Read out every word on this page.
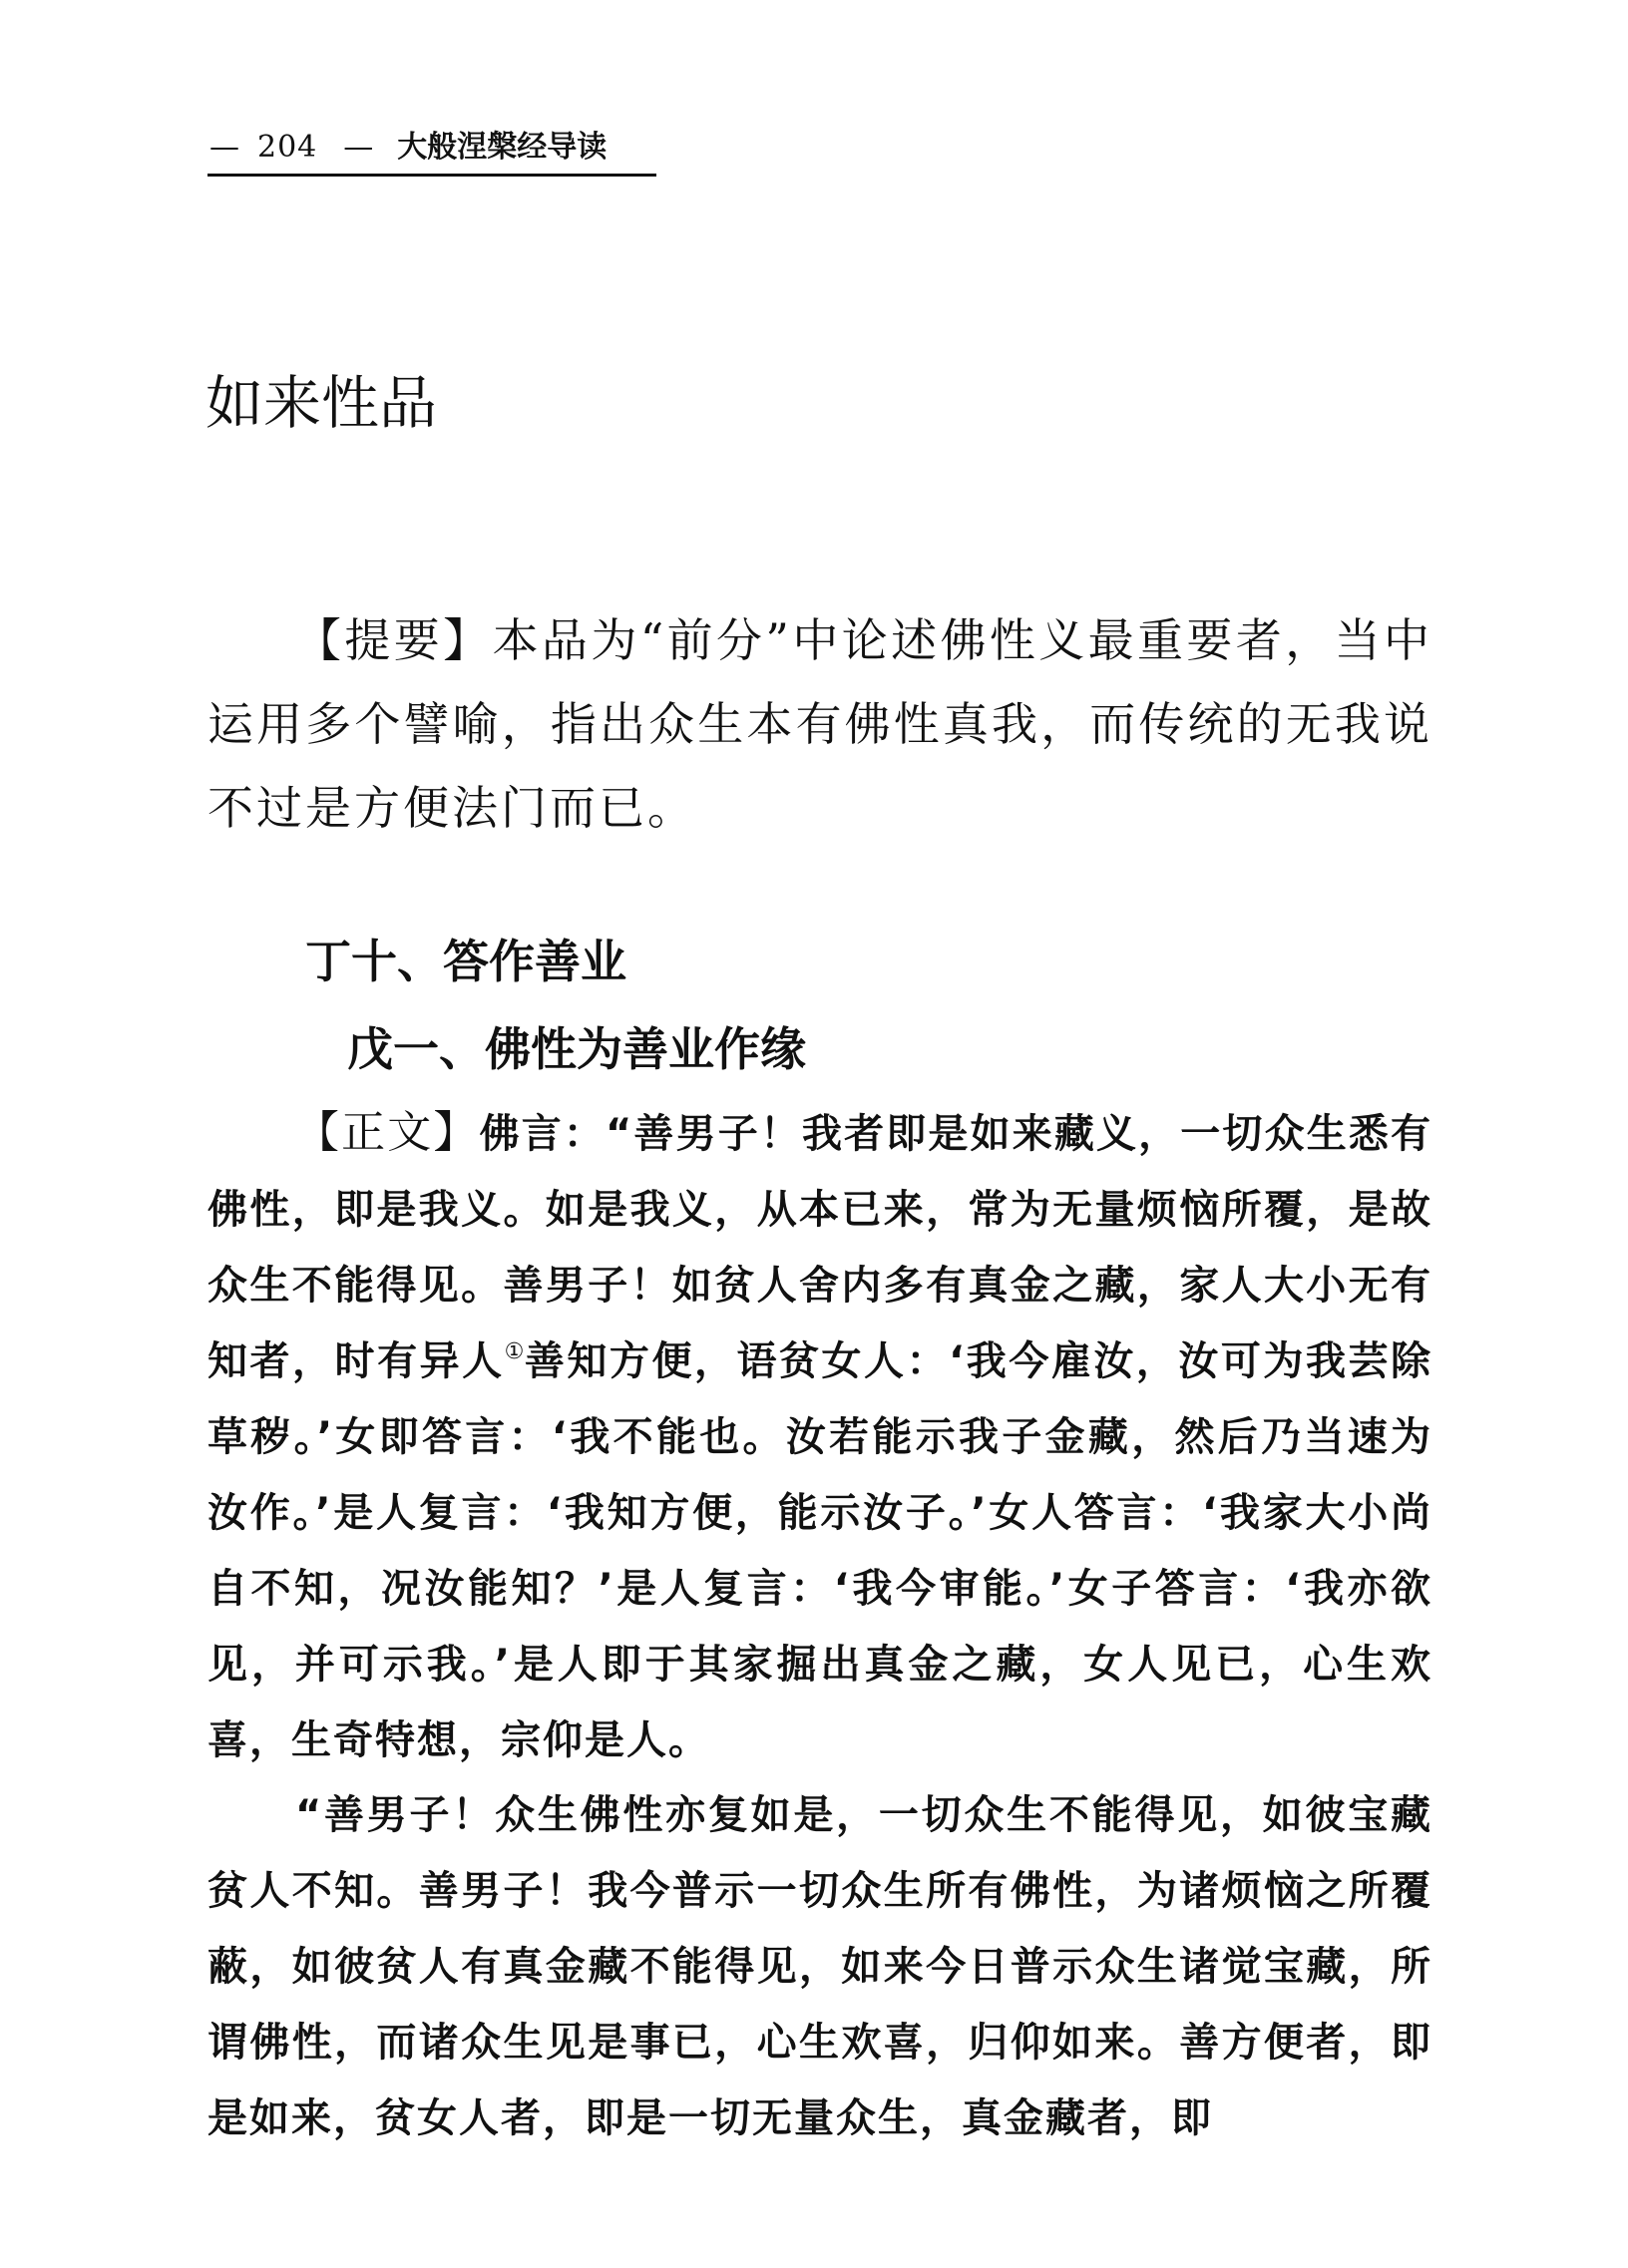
— 204 — 大般涅槃经导读
如来性品

【提要】本品为“前分”中论述佛性义最重要者，当中运用多个譬喻，指出众生本有佛性真我，而传统的无我说不过是方便法门而已。

丁十、答作善业
戊一、佛性为善业作缘

【正文】佛言：“善男子！我者即是如来藏义，一切众生悉有佛性，即是我义。如是我义，从本已来，常为无量烦恼所覆，是故众生不能得见。善男子！如贫人舍内多有真金之藏，家人大小无有知者，时有异人①善知方便，语贫女人：‘我今雇汝，汝可为我芸除草秽。’女即答言：‘我不能也。汝若能示我子金藏，然后乃当速为汝作。’是人复言：‘我知方便，能示汝子。’女人答言：‘我家大小尚自不知，况汝能知？’是人复言：‘我今审能。’女子答言：‘我亦欲见，并可示我。’是人即于其家掘出真金之藏，女人见已，心生欢喜，生奇特想，宗仰是人。

“善男子！众生佛性亦复如是，一切众生不能得见，如彼宝藏贫人不知。善男子！我今普示一切众生所有佛性，为诸烦恼之所覆蔽，如彼贫人有真金藏不能得见，如来今日普示众生诸觉宝藏，所谓佛性，而诸众生见是事已，心生欢喜，归仰如来。善方便者，即是如来，贫女人者，即是一切无量众生，真金藏者，即
